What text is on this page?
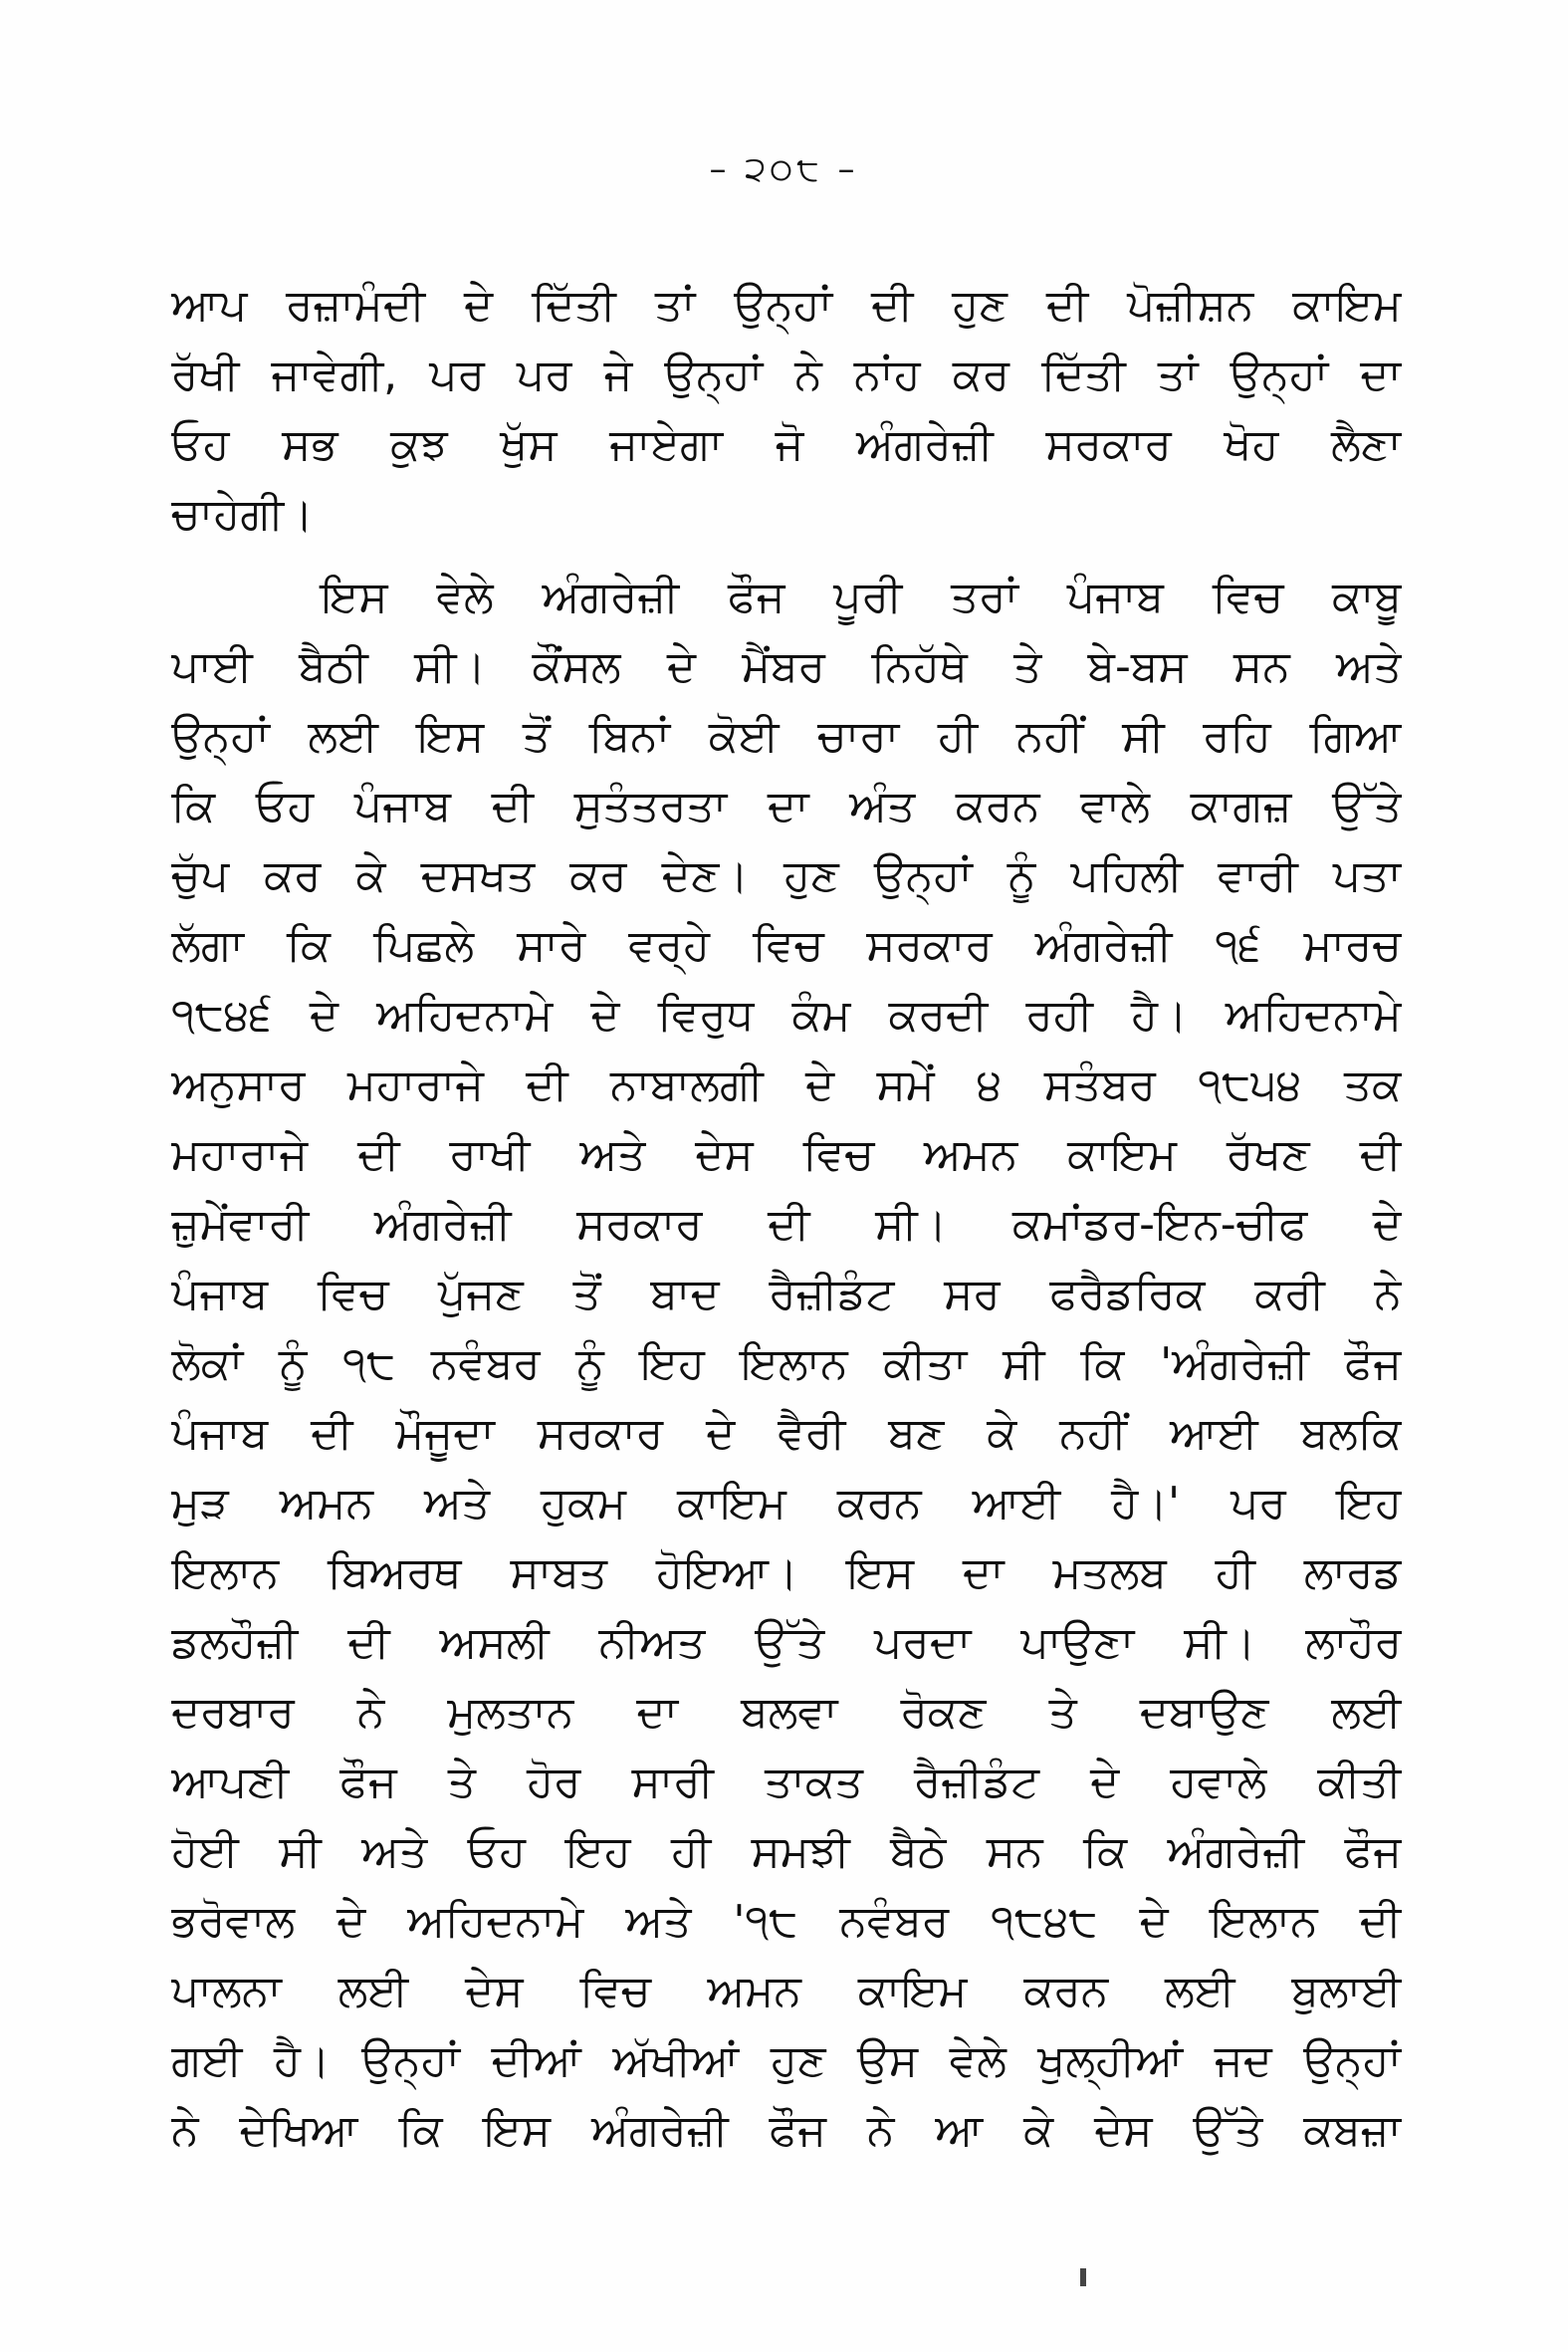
– ੨੦੮ –
ਆਪ ਰਜ਼ਾਮੰਦੀ ਦੇ ਦਿੱਤੀ ਤਾਂ ਉਨ੍ਹਾਂ ਦੀ ਹੁਣ ਦੀ ਪੋਜ਼ੀਸ਼ਨ ਕਾਇਮ
ਰੱਖੀ ਜਾਵੇਗੀ, ਪਰ ਪਰ ਜੇ ਉਨ੍ਹਾਂ ਨੇ ਨਾਂਹ ਕਰ ਦਿੱਤੀ ਤਾਂ ਉਨ੍ਹਾਂ ਦਾ
ਓਹ ਸਭ ਕੁਝ ਖੁੱਸ ਜਾਏਗਾ ਜੋ ਅੰਗਰੇਜ਼ੀ ਸਰਕਾਰ ਖੋਹ ਲੈਣਾ
ਚਾਹੇਗੀ।
ਇਸ ਵੇਲੇ ਅੰਗਰੇਜ਼ੀ ਫੌਜ ਪੂਰੀ ਤਰਾਂ ਪੰਜਾਬ ਵਿਚ ਕਾਬੂ
ਪਾਈ ਬੈਠੀ ਸੀ। ਕੌਂਸਲ ਦੇ ਮੈਂਬਰ ਨਿਹੱਥੇ ਤੇ ਬੇ-ਬਸ ਸਨ ਅਤੇ
ਉਨ੍ਹਾਂ ਲਈ ਇਸ ਤੋਂ ਬਿਨਾਂ ਕੋਈ ਚਾਰਾ ਹੀ ਨਹੀਂ ਸੀ ਰਹਿ ਗਿਆ
ਕਿ ਓਹ ਪੰਜਾਬ ਦੀ ਸੁਤੰਤਰਤਾ ਦਾ ਅੰਤ ਕਰਨ ਵਾਲੇ ਕਾਗਜ਼ ਉੱਤੇ
ਚੁੱਪ ਕਰ ਕੇ ਦਸਖਤ ਕਰ ਦੇਣ। ਹੁਣ ਉਨ੍ਹਾਂ ਨੂੰ ਪਹਿਲੀ ਵਾਰੀ ਪਤਾ
ਲੱਗਾ ਕਿ ਪਿਛਲੇ ਸਾਰੇ ਵਰ੍ਹੇ ਵਿਚ ਸਰਕਾਰ ਅੰਗਰੇਜ਼ੀ ੧੬ ਮਾਰਚ
੧੮੪੬ ਦੇ ਅਹਿਦਨਾਮੇ ਦੇ ਵਿਰੁਧ ਕੰਮ ਕਰਦੀ ਰਹੀ ਹੈ। ਅਹਿਦਨਾਮੇ
ਅਨੁਸਾਰ ਮਹਾਰਾਜੇ ਦੀ ਨਾਬਾਲਗੀ ਦੇ ਸਮੇਂ ੪ ਸਤੰਬਰ ੧੮੫੪ ਤਕ
ਮਹਾਰਾਜੇ ਦੀ ਰਾਖੀ ਅਤੇ ਦੇਸ ਵਿਚ ਅਮਨ ਕਾਇਮ ਰੱਖਣ ਦੀ
ਜ਼ੁਮੇਂਵਾਰੀ ਅੰਗਰੇਜ਼ੀ ਸਰਕਾਰ ਦੀ ਸੀ। ਕਮਾਂਡਰ-ਇਨ-ਚੀਫ ਦੇ
ਪੰਜਾਬ ਵਿਚ ਪੁੱਜਣ ਤੋਂ ਬਾਦ ਰੈਜ਼ੀਡੰਟ ਸਰ ਫਰੈਡਰਿਕ ਕਰੀ ਨੇ
ਲੋਕਾਂ ਨੂੰ ੧੮ ਨਵੰਬਰ ਨੂੰ ਇਹ ਇਲਾਨ ਕੀਤਾ ਸੀ ਕਿ 'ਅੰਗਰੇਜ਼ੀ ਫੌਜ
ਪੰਜਾਬ ਦੀ ਮੌਜੂਦਾ ਸਰਕਾਰ ਦੇ ਵੈਰੀ ਬਣ ਕੇ ਨਹੀਂ ਆਈ ਬਲਕਿ
ਮੁੜ ਅਮਨ ਅਤੇ ਹੁਕਮ ਕਾਇਮ ਕਰਨ ਆਈ ਹੈ।' ਪਰ ਇਹ
ਇਲਾਨ ਬਿਅਰਥ ਸਾਬਤ ਹੋਇਆ। ਇਸ ਦਾ ਮਤਲਬ ਹੀ ਲਾਰਡ
ਡਲਹੌਜ਼ੀ ਦੀ ਅਸਲੀ ਨੀਅਤ ਉੱਤੇ ਪਰਦਾ ਪਾਉਣਾ ਸੀ। ਲਾਹੌਰ
ਦਰਬਾਰ ਨੇ ਮੁਲਤਾਨ ਦਾ ਬਲਵਾ ਰੋਕਣ ਤੇ ਦਬਾਉਣ ਲਈ
ਆਪਣੀ ਫੌਜ ਤੇ ਹੋਰ ਸਾਰੀ ਤਾਕਤ ਰੈਜ਼ੀਡੰਟ ਦੇ ਹਵਾਲੇ ਕੀਤੀ
ਹੋਈ ਸੀ ਅਤੇ ਓਹ ਇਹ ਹੀ ਸਮਝੀ ਬੈਠੇ ਸਨ ਕਿ ਅੰਗਰੇਜ਼ੀ ਫੌਜ
ਭਰੋਵਾਲ ਦੇ ਅਹਿਦਨਾਮੇ ਅਤੇ '੧੮ ਨਵੰਬਰ ੧੮੪੮ ਦੇ ਇਲਾਨ ਦੀ
ਪਾਲਨਾ ਲਈ ਦੇਸ ਵਿਚ ਅਮਨ ਕਾਇਮ ਕਰਨ ਲਈ ਬੁਲਾਈ
ਗਈ ਹੈ। ਉਨ੍ਹਾਂ ਦੀਆਂ ਅੱਖੀਆਂ ਹੁਣ ਉਸ ਵੇਲੇ ਖੁਲ੍ਹੀਆਂ ਜਦ ਉਨ੍ਹਾਂ
ਨੇ ਦੇਖਿਆ ਕਿ ਇਸ ਅੰਗਰੇਜ਼ੀ ਫੌਜ ਨੇ ਆ ਕੇ ਦੇਸ ਉੱਤੇ ਕਬਜ਼ਾ
